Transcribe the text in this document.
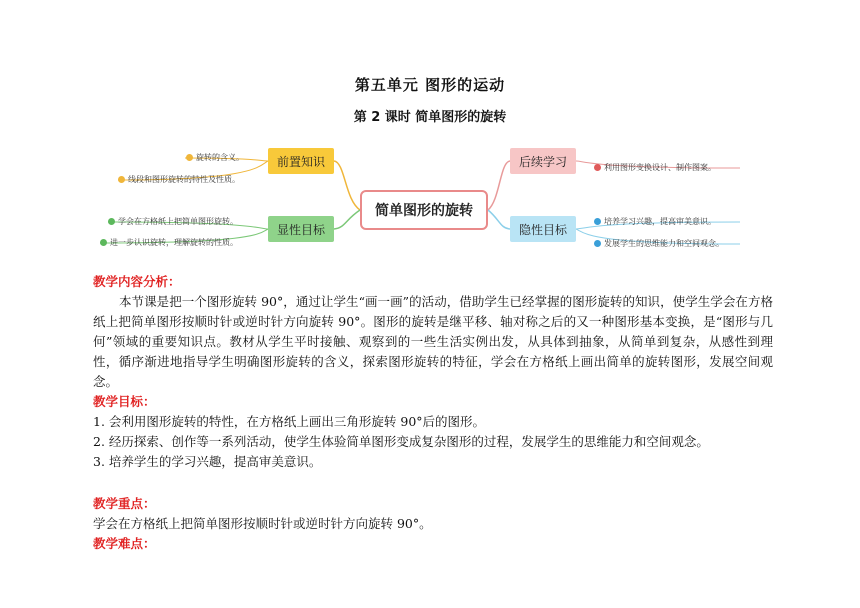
第五单元 图形的运动
第 2 课时 简单图形的旋转
简单图形的旋转
前置知识
显性目标
后续学习
隐性目标
旋转的含义。
线段和图形旋转的特性及性质。
学会在方格纸上把简单图形旋转。
进一步认识旋转，理解旋转的性质。
利用图形变换设计、制作图案。
培养学习兴趣，提高审美意识。
发展学生的思维能力和空间观念。

教学内容分析：

本节课是把一个图形旋转 90°，通过让学生“画一画”的活动，借助学生已经掌握的图形旋转的知识，使学生学会在方格纸上把简单图形按顺时针或逆时针方向旋转 90°。图形的旋转是继平移、轴对称之后的又一种图形基本变换，是“图形与几何”领域的重要知识点。教材从学生平时接触、观察到的一些生活实例出发，从具体到抽象，从简单到复杂，从感性到理性，循序渐进地指导学生明确图形旋转的含义，探索图形旋转的特征，学会在方格纸上画出简单的旋转图形，发展空间观念。

教学目标：

1. 会利用图形旋转的特性，在方格纸上画出三角形旋转 90°后的图形。

2. 经历探索、创作等一系列活动，使学生体验简单图形变成复杂图形的过程，发展学生的思维能力和空间观念。

3. 培养学生的学习兴趣，提高审美意识。

教学重点：

学会在方格纸上把简单图形按顺时针或逆时针方向旋转 90°。

教学难点：
